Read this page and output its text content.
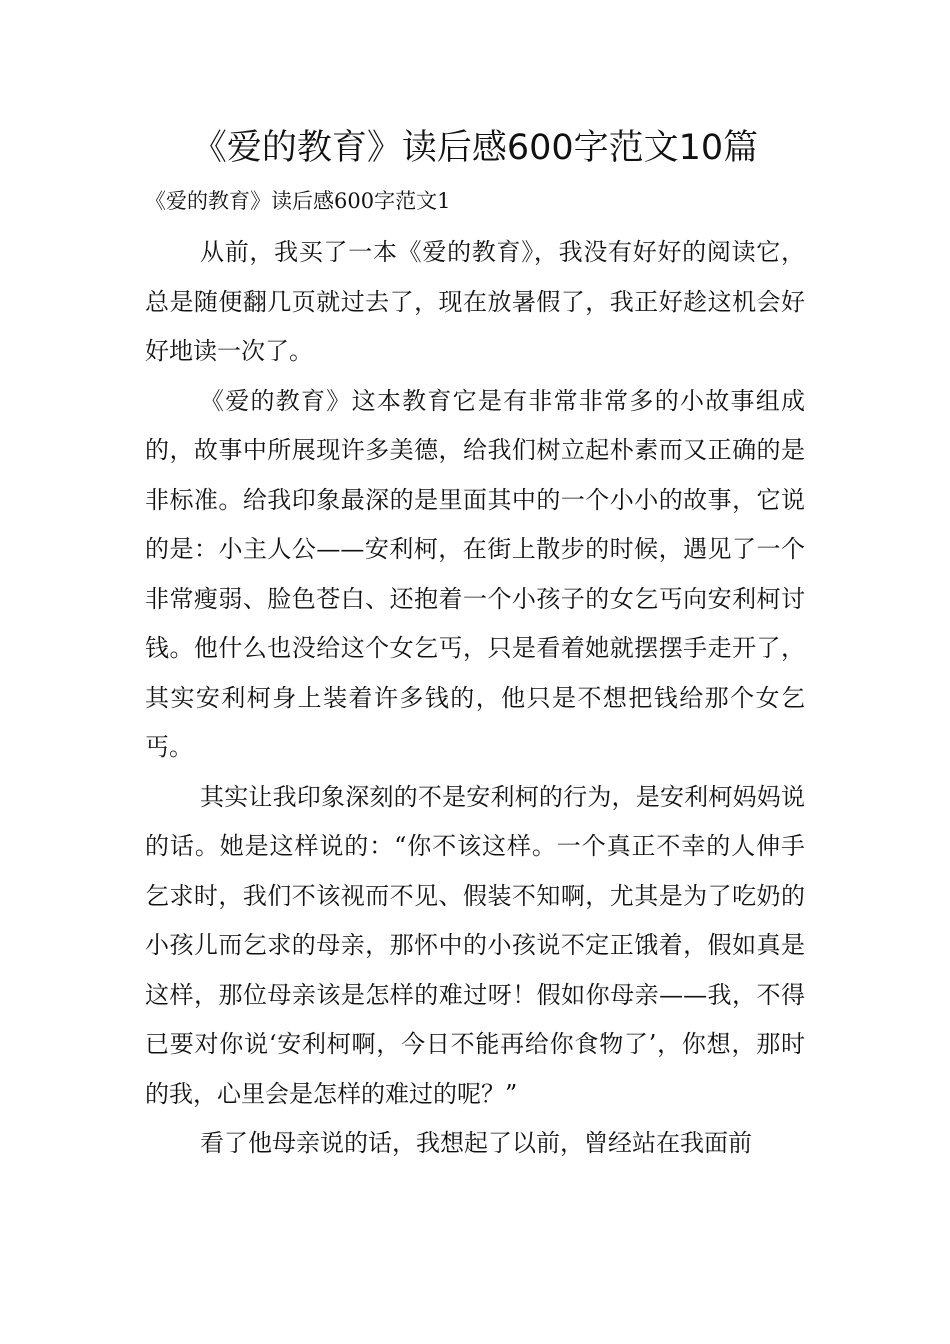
《爱的教育》读后感600字范文10篇
《爱的教育》读后感600字范文1

从前，我买了一本《爱的教育》，我没有好好的阅读它，总是随便翻几页就过去了，现在放暑假了，我正好趁这机会好好地读一次了。

《爱的教育》这本教育它是有非常非常多的小故事组成的，故事中所展现许多美德，给我们树立起朴素而又正确的是非标准。给我印象最深的是里面其中的一个小小的故事，它说的是：小主人公——安利柯，在街上散步的时候，遇见了一个非常瘦弱、脸色苍白、还抱着一个小孩子的女乞丐向安利柯讨钱。他什么也没给这个女乞丐，只是看着她就摆摆手走开了，其实安利柯身上装着许多钱的，他只是不想把钱给那个女乞丐。

其实让我印象深刻的不是安利柯的行为，是安利柯妈妈说的话。她是这样说的：“你不该这样。一个真正不幸的人伸手乞求时，我们不该视而不见、假装不知啊，尤其是为了吃奶的小孩儿而乞求的母亲，那怀中的小孩说不定正饿着，假如真是这样，那位母亲该是怎样的难过呀！假如你母亲——我，不得已要对你说‘安利柯啊，今日不能再给你食物了’，你想，那时的我，心里会是怎样的难过的呢？”

看了他母亲说的话，我想起了以前，曾经站在我面前
